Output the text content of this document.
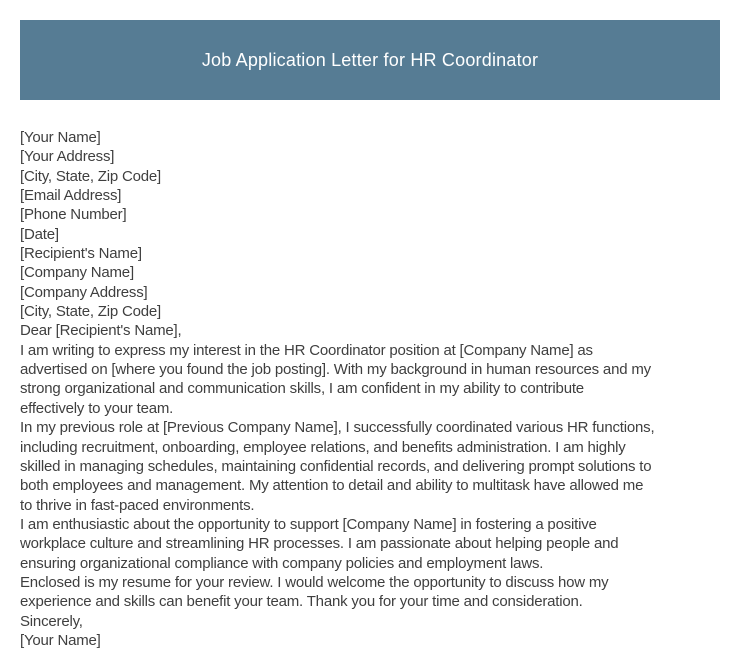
Job Application Letter for HR Coordinator
[Your Name]
[Your Address]
[City, State, Zip Code]
[Email Address]
[Phone Number]
[Date]
[Recipient's Name]
[Company Name]
[Company Address]
[City, State, Zip Code]
Dear [Recipient's Name],
I am writing to express my interest in the HR Coordinator position at [Company Name] as
advertised on [where you found the job posting]. With my background in human resources and my
strong organizational and communication skills, I am confident in my ability to contribute
effectively to your team.
In my previous role at [Previous Company Name], I successfully coordinated various HR functions,
including recruitment, onboarding, employee relations, and benefits administration. I am highly
skilled in managing schedules, maintaining confidential records, and delivering prompt solutions to
both employees and management. My attention to detail and ability to multitask have allowed me
to thrive in fast-paced environments.
I am enthusiastic about the opportunity to support [Company Name] in fostering a positive
workplace culture and streamlining HR processes. I am passionate about helping people and
ensuring organizational compliance with company policies and employment laws.
Enclosed is my resume for your review. I would welcome the opportunity to discuss how my
experience and skills can benefit your team. Thank you for your time and consideration.
Sincerely,
[Your Name]
